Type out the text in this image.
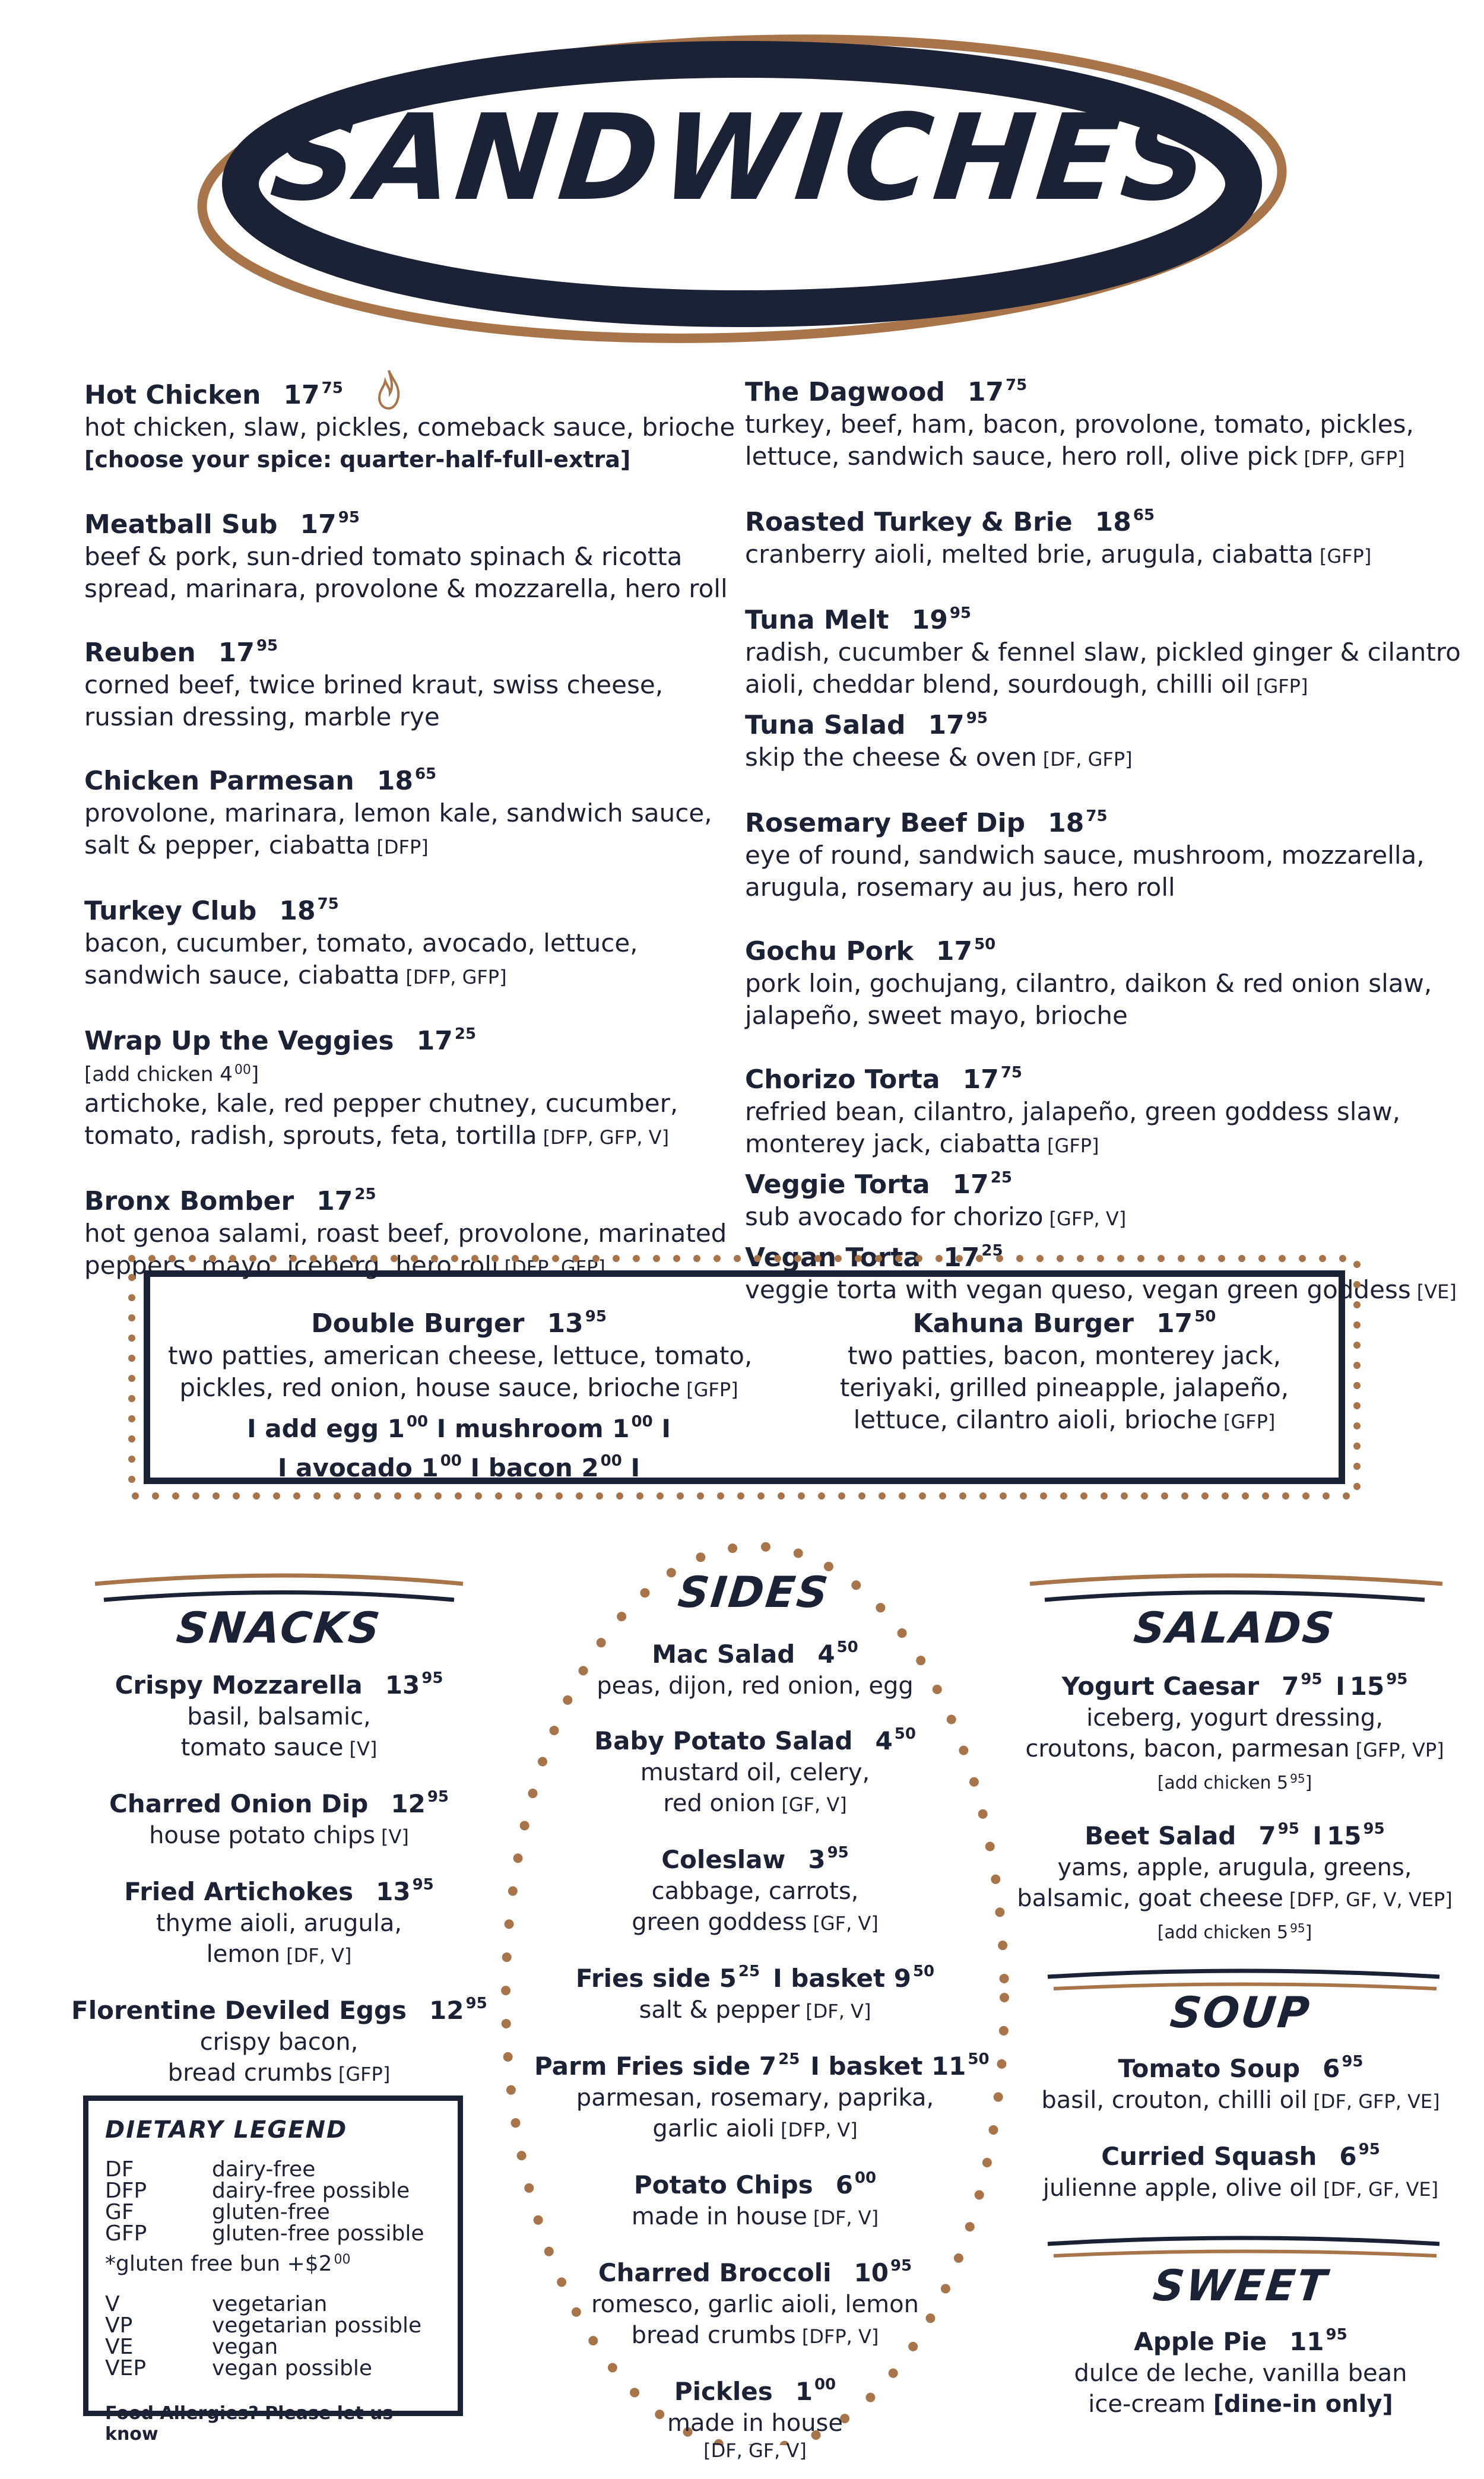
SANDWICHES
Hot Chicken 17 $^{75}$
hot chicken, slaw, pickles, comeback sauce, brioche
[choose your spice: quarter-half-full-extra]
Meatball Sub 17 $^{95}$
beef & pork, sun-dried tomato spinach & ricotta
spread, marinara, provolone & mozzarella, hero roll
Reuben 17 $^{95}$
corned beef, twice brined kraut, swiss cheese,
russian dressing, marble rye
Chicken Parmesan 18 $^{65}$
provolone, marinara, lemon kale, sandwich sauce,
salt & pepper, ciabatta [DFP]
Turkey Club 18 $^{75}$
bacon, cucumber, tomato, avocado, lettuce,
sandwich sauce, ciabatta [DFP, GFP]
Wrap Up the Veggies 17 $^{25}$
[add chicken 4 $^{00}$]
artichoke, kale, red pepper chutney, cucumber,
tomato, radish, sprouts, feta, tortilla [DFP, GFP, V]
Bronx Bomber 17 $^{25}$
hot genoa salami, roast beef, provolone, marinated
peppers, mayo, iceberg, hero roll [DFP, GFP]
The Dagwood 17 $^{75}$
turkey, beef, ham, bacon, provolone, tomato, pickles,
lettuce, sandwich sauce, hero roll, olive pick [DFP, GFP]
Roasted Turkey & Brie 18 $^{65}$
cranberry aioli, melted brie, arugula, ciabatta [GFP]
Tuna Melt 19 $^{95}$
radish, cucumber & fennel slaw, pickled ginger & cilantro
aioli, cheddar blend, sourdough, chilli oil [GFP]
Tuna Salad 17 $^{95}$
skip the cheese & oven [DF, GFP]
Rosemary Beef Dip 18 $^{75}$
eye of round, sandwich sauce, mushroom, mozzarella,
arugula, rosemary au jus, hero roll
Gochu Pork 17 $^{50}$
pork loin, gochujang, cilantro, daikon & red onion slaw,
jalapeño, sweet mayo, brioche
Chorizo Torta 17 $^{75}$
refried bean, cilantro, jalapeño, green goddess slaw,
monterey jack, ciabatta [GFP]
Veggie Torta 17 $^{25}$
sub avocado for chorizo [GFP, V]
Vegan Torta 17 $^{25}$
veggie torta with vegan queso, vegan green goddess [VE]
Double Burger 13 $^{95}$
two patties, american cheese, lettuce, tomato,
pickles, red onion, house sauce, brioche [GFP]
I add egg 1 $^{00}$ I mushroom 1 $^{00}$ I
I avocado 1 $^{00}$ I bacon 2 $^{00}$ I
Kahuna Burger 17 $^{50}$
two patties, bacon, monterey jack,
teriyaki, grilled pineapple, jalapeño,
lettuce, cilantro aioli, brioche [GFP]
SNACKS
Crispy Mozzarella 13 $^{95}$
basil, balsamic,
tomato sauce [V]
Charred Onion Dip 12 $^{95}$
house potato chips [V]
Fried Artichokes 13 $^{95}$
thyme aioli, arugula,
lemon [DF, V]
Florentine Deviled Eggs 12 $^{95}$
crispy bacon,
bread crumbs [GFP]
DIETARY LEGEND
DF	dairy-free
DFP	dairy-free possible
GF	gluten-free
GFP	gluten-free possible
*gluten free bun +$2 $^{00}$
V	vegetarian
VP	vegetarian possible
VE	vegan
VEP	vegan possible
Food Allergies? Please let us know
SIDES
Mac Salad 4 $^{50}$
peas, dijon, red onion, egg
Baby Potato Salad 4 $^{50}$
mustard oil, celery,
red onion [GF, V]
Coleslaw 3 $^{95}$
cabbage, carrots,
green goddess [GF, V]
Fries side 5 $^{25}$ I basket 9 $^{50}$
salt & pepper [DF, V]
Parm Fries side 7 $^{25}$ I basket 11 $^{50}$
parmesan, rosemary, paprika,
garlic aioli [DFP, V]
Potato Chips 6 $^{00}$
made in house [DF, V]
Charred Broccoli 10 $^{95}$
romesco, garlic aioli, lemon
bread crumbs [DFP, V]
Pickles 1 $^{00}$
made in house
[DF, GF, V]
SALADS
Yogurt Caesar 7 $^{95}$ I 15 $^{95}$
iceberg, yogurt dressing,
croutons, bacon, parmesan [GFP, VP]
[add chicken 5 $^{95}$]
Beet Salad 7 $^{95}$ I 15 $^{95}$
yams, apple, arugula, greens,
balsamic, goat cheese [DFP, GF, V, VEP]
[add chicken 5 $^{95}$]
SOUP
Tomato Soup 6 $^{95}$
basil, crouton, chilli oil [DF, GFP, VE]
Curried Squash 6 $^{95}$
julienne apple, olive oil [DF, GF, VE]
SWEET
Apple Pie 11 $^{95}$
dulce de leche, vanilla bean
ice-cream [dine-in only]
